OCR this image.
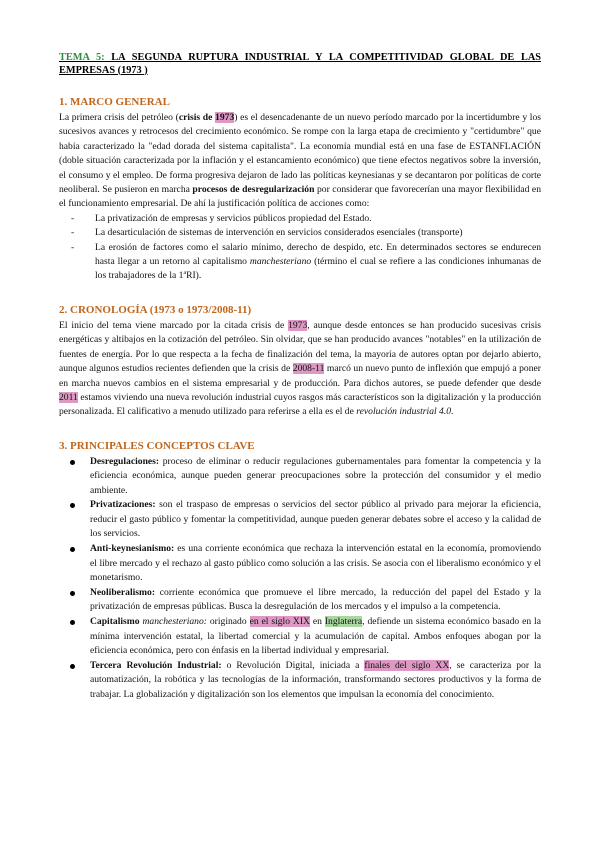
TEMA 5: LA SEGUNDA RUPTURA INDUSTRIAL Y LA COMPETITIVIDAD GLOBAL DE LAS EMPRESAS (1973 )

1. MARCO GENERAL

La primera crisis del petróleo (crisis de 1973) es el desencadenante de un nuevo período marcado por la incertidumbre y los sucesivos avances y retrocesos del crecimiento económico. Se rompe con la larga etapa de crecimiento y "certidumbre" que había caracterizado la "edad dorada del sistema capitalista". La economía mundial está en una fase de ESTANFLACIÓN (doble situación caracterizada por la inflación y el estancamiento económico) que tiene efectos negativos sobre la inversión, el consumo y el empleo. De forma progresiva dejaron de lado las políticas keynesianas y se decantaron por políticas de corte neoliberal. Se pusieron en marcha procesos de desregularización por considerar que favorecerían una mayor flexibilidad en el funcionamiento empresarial. De ahí la justificación política de acciones como:

- La privatización de empresas y servicios públicos propiedad del Estado.
- La desarticulación de sistemas de intervención en servicios considerados esenciales (transporte)
- La erosión de factores como el salario mínimo, derecho de despido, etc. En determinados sectores se endurecen hasta llegar a un retorno al capitalismo manchesteriano (término el cual se refiere a las condiciones inhumanas de los trabajadores de la 1ªRI).
2. CRONOLOGÍA (1973 o 1973/2008-11)

El inicio del tema viene marcado por la citada crisis de 1973, aunque desde entonces se han producido sucesivas crisis energéticas y altibajos en la cotización del petróleo. Sin olvidar, que se han producido avances "notables" en la utilización de fuentes de energía. Por lo que respecta a la fecha de finalización del tema, la mayoría de autores optan por dejarlo abierto, aunque algunos estudios recientes defienden que la crisis de 2008-11 marcó un nuevo punto de inflexión que empujó a poner en marcha nuevos cambios en el sistema empresarial y de producción. Para dichos autores, se puede defender que desde 2011 estamos viviendo una nueva revolución industrial cuyos rasgos más característicos son la digitalización y la producción personalizada. El calificativo a menudo utilizado para referirse a ella es el de revolución industrial 4.0.

3. PRINCIPALES CONCEPTOS CLAVE
Desregulaciones: proceso de eliminar o reducir regulaciones gubernamentales para fomentar la competencia y la eficiencia económica, aunque pueden generar preocupaciones sobre la protección del consumidor y el medio ambiente.
Privatizaciones: son el traspaso de empresas o servicios del sector público al privado para mejorar la eficiencia, reducir el gasto público y fomentar la competitividad, aunque pueden generar debates sobre el acceso y la calidad de los servicios.
Anti-keynesianismo: es una corriente económica que rechaza la intervención estatal en la economía, promoviendo el libre mercado y el rechazo al gasto público como solución a las crisis. Se asocia con el liberalismo económico y el monetarismo.
Neoliberalismo: corriente económica que promueve el libre mercado, la reducción del papel del Estado y la privatización de empresas públicas. Busca la desregulación de los mercados y el impulso a la competencia.
Capitalismo manchesteriano: originado en el siglo XIX en Inglaterra, defiende un sistema económico basado en la mínima intervención estatal, la libertad comercial y la acumulación de capital. Ambos enfoques abogan por la eficiencia económica, pero con énfasis en la libertad individual y empresarial.
Tercera Revolución Industrial: o Revolución Digital, iniciada a finales del siglo XX, se caracteriza por la automatización, la robótica y las tecnologías de la información, transformando sectores productivos y la forma de trabajar. La globalización y digitalización son los elementos que impulsan la economía del conocimiento.
